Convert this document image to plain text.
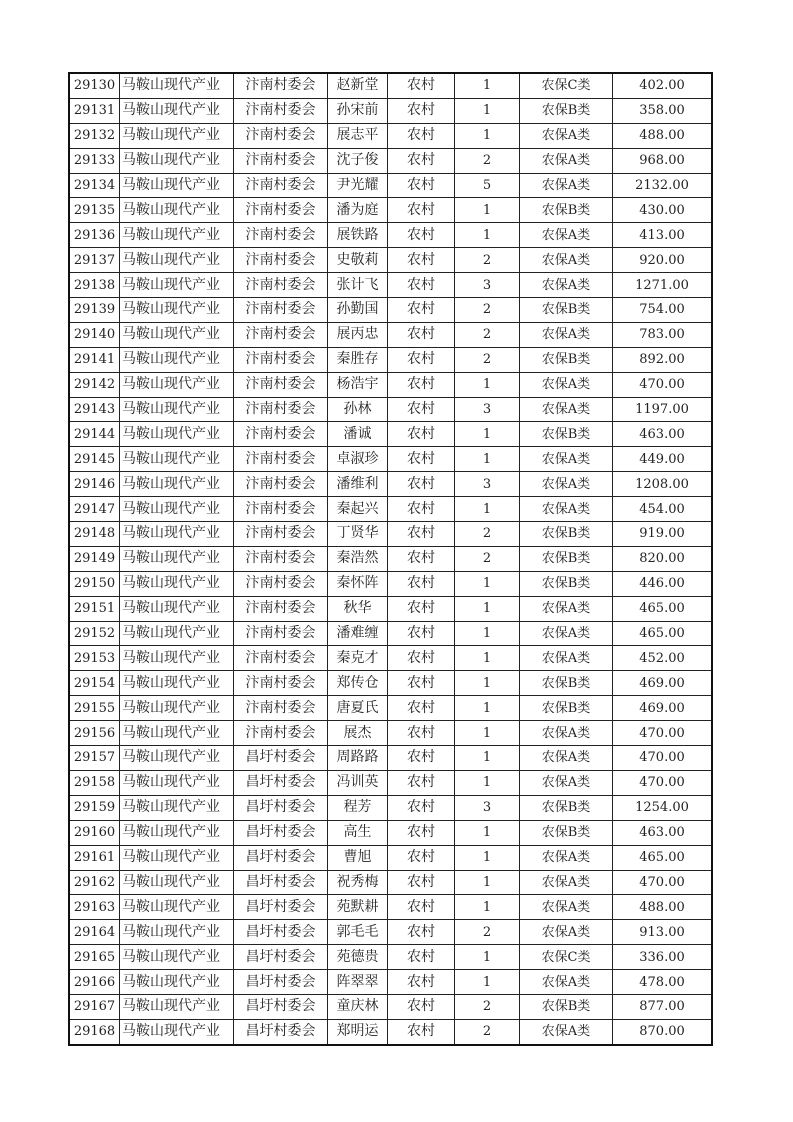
29130	马鞍山现代产业	汴南村委会	赵新堂	农村	1	农保C类	402.00
29131	马鞍山现代产业	汴南村委会	孙宋前	农村	1	农保B类	358.00
29132	马鞍山现代产业	汴南村委会	展志平	农村	1	农保A类	488.00
29133	马鞍山现代产业	汴南村委会	沈子俊	农村	2	农保A类	968.00
29134	马鞍山现代产业	汴南村委会	尹光耀	农村	5	农保A类	2132.00
29135	马鞍山现代产业	汴南村委会	潘为庭	农村	1	农保B类	430.00
29136	马鞍山现代产业	汴南村委会	展铁路	农村	1	农保A类	413.00
29137	马鞍山现代产业	汴南村委会	史敬莉	农村	2	农保A类	920.00
29138	马鞍山现代产业	汴南村委会	张计飞	农村	3	农保A类	1271.00
29139	马鞍山现代产业	汴南村委会	孙勤国	农村	2	农保B类	754.00
29140	马鞍山现代产业	汴南村委会	展丙忠	农村	2	农保A类	783.00
29141	马鞍山现代产业	汴南村委会	秦胜存	农村	2	农保B类	892.00
29142	马鞍山现代产业	汴南村委会	杨浩宇	农村	1	农保A类	470.00
29143	马鞍山现代产业	汴南村委会	孙林	农村	3	农保A类	1197.00
29144	马鞍山现代产业	汴南村委会	潘诚	农村	1	农保B类	463.00
29145	马鞍山现代产业	汴南村委会	卓淑珍	农村	1	农保A类	449.00
29146	马鞍山现代产业	汴南村委会	潘维利	农村	3	农保A类	1208.00
29147	马鞍山现代产业	汴南村委会	秦起兴	农村	1	农保A类	454.00
29148	马鞍山现代产业	汴南村委会	丁贤华	农村	2	农保B类	919.00
29149	马鞍山现代产业	汴南村委会	秦浩然	农村	2	农保B类	820.00
29150	马鞍山现代产业	汴南村委会	秦怀阵	农村	1	农保B类	446.00
29151	马鞍山现代产业	汴南村委会	秋华	农村	1	农保A类	465.00
29152	马鞍山现代产业	汴南村委会	潘难缠	农村	1	农保A类	465.00
29153	马鞍山现代产业	汴南村委会	秦克才	农村	1	农保A类	452.00
29154	马鞍山现代产业	汴南村委会	郑传仓	农村	1	农保B类	469.00
29155	马鞍山现代产业	汴南村委会	唐夏氏	农村	1	农保B类	469.00
29156	马鞍山现代产业	汴南村委会	展杰	农村	1	农保A类	470.00
29157	马鞍山现代产业	昌圩村委会	周路路	农村	1	农保A类	470.00
29158	马鞍山现代产业	昌圩村委会	冯训英	农村	1	农保A类	470.00
29159	马鞍山现代产业	昌圩村委会	程芳	农村	3	农保B类	1254.00
29160	马鞍山现代产业	昌圩村委会	高生	农村	1	农保B类	463.00
29161	马鞍山现代产业	昌圩村委会	曹旭	农村	1	农保A类	465.00
29162	马鞍山现代产业	昌圩村委会	祝秀梅	农村	1	农保A类	470.00
29163	马鞍山现代产业	昌圩村委会	苑默耕	农村	1	农保A类	488.00
29164	马鞍山现代产业	昌圩村委会	郭毛毛	农村	2	农保A类	913.00
29165	马鞍山现代产业	昌圩村委会	苑德贵	农村	1	农保C类	336.00
29166	马鞍山现代产业	昌圩村委会	阵翠翠	农村	1	农保A类	478.00
29167	马鞍山现代产业	昌圩村委会	童庆林	农村	2	农保B类	877.00
29168	马鞍山现代产业	昌圩村委会	郑明运	农村	2	农保A类	870.00
